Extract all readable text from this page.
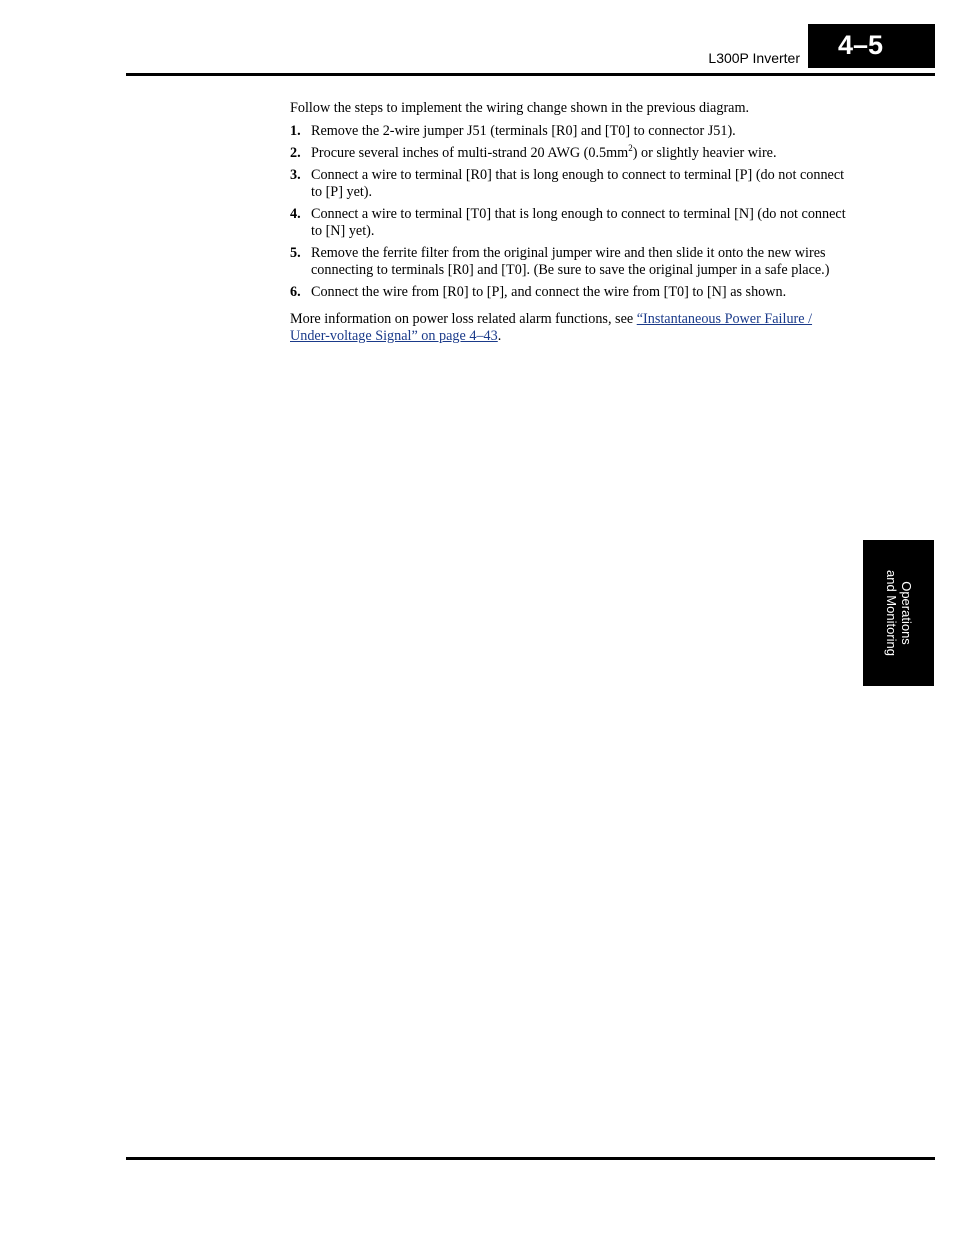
L300P Inverter	4–5

Follow the steps to implement the wiring change shown in the previous diagram.

1. Remove the 2-wire jumper J51 (terminals [R0] and [T0] to connector J51).
2. Procure several inches of multi-strand 20 AWG $(0.5mm^2)$ or slightly heavier wire.
3. Connect a wire to terminal [R0] that is long enough to connect to terminal [P] (do not connect to [P] yet).
4. Connect a wire to terminal [T0] that is long enough to connect to terminal [N] (do not connect to [N] yet).
5. Remove the ferrite filter from the original jumper wire and then slide it onto the new wires connecting to terminals [R0] and [T0]. (Be sure to save the original jumper in a safe place.)
6. Connect the wire from [R0] to [P], and connect the wire from [T0] to [N] as shown.

More information on power loss related alarm functions, see “Instantaneous Power Failure / Under-voltage Signal” on page 4–43.

Operations
and Monitoring
